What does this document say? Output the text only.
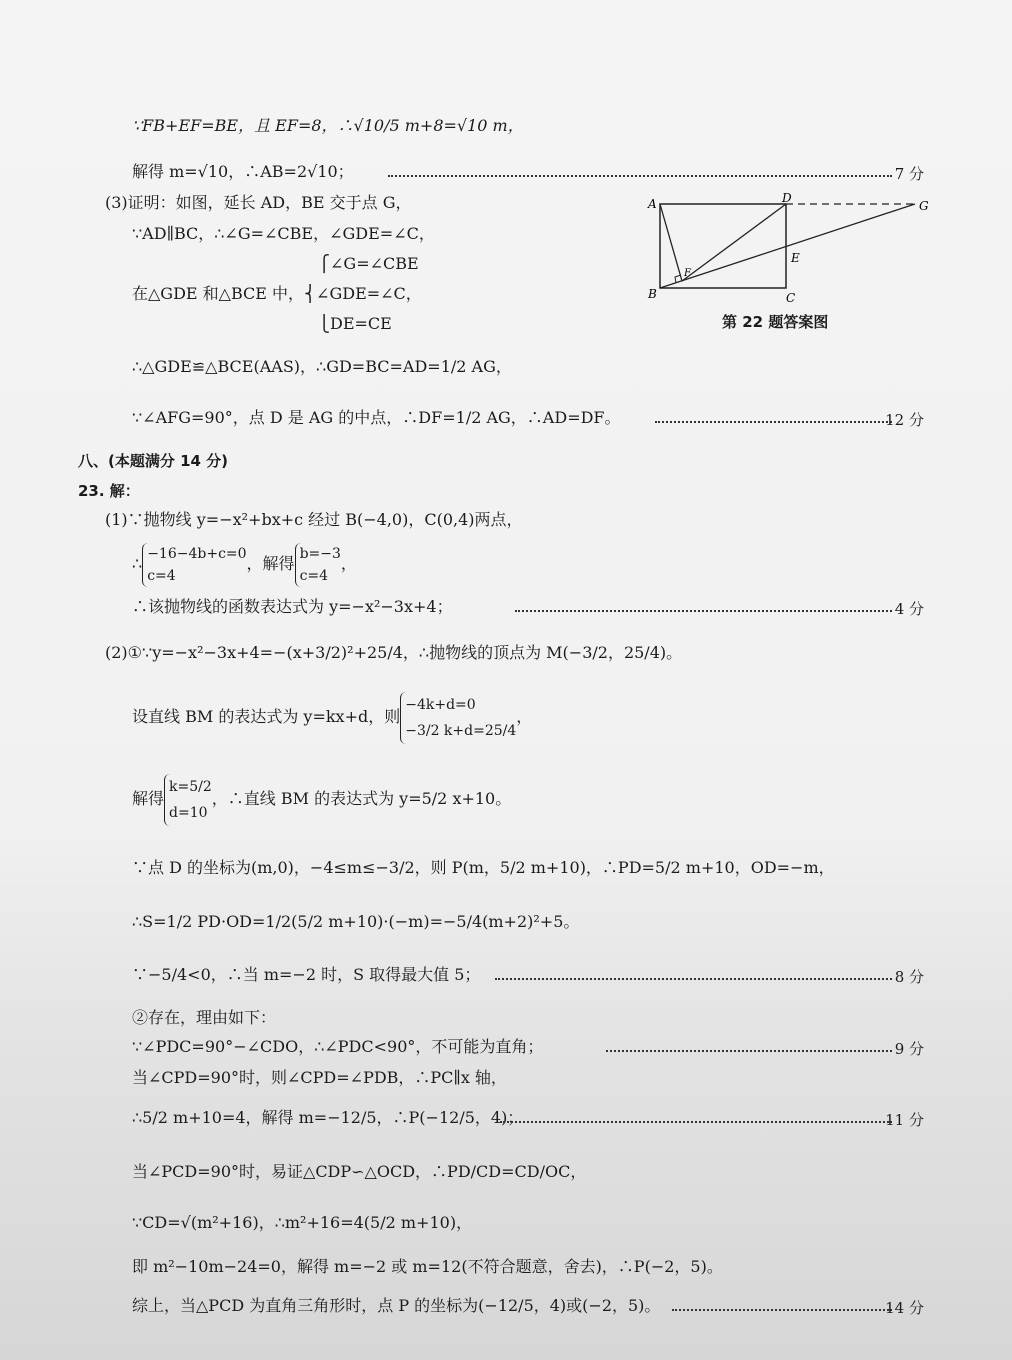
∵FB+EF=BE，且 EF=8，∴√10/5 m+8=√10 m，
解得 m=√10，∴AB=2√10；	7 分
(3)证明：如图，延长 AD，BE 交于点 G，
∵AD∥BC，∴∠G=∠CBE，∠GDE=∠C，
⎧∠G=∠CBE
在△GDE 和△BCE 中，⎨∠GDE=∠C，
⎩DE=CE
∴△GDE≌△BCE(AAS)，∴GD=BC=AD=1/2 AG，
∵∠AFG=90°，点 D 是 AG 的中点，∴DF=1/2 AG，∴AD=DF。	12 分
A	D
G
E
F
B	C
第 22 题答案图
八、(本题满分 14 分)
23. 解：
(1)∵抛物线 y=−x²+bx+c 经过 B(−4,0)，C(0,4)两点，
∴
−16−4b+c=0
c=4
，解得
b=−3
c=4
，
∴该抛物线的函数表达式为 y=−x²−3x+4；	4 分
(2)①∵y=−x²−3x+4=−(x+3/2)²+25/4，∴抛物线的顶点为 M(−3/2，25/4)。
设直线 BM 的表达式为 y=kx+d，则
−4k+d=0
−3/2 k+d=25/4
，
解得
k=5/2
d=10
，∴直线 BM 的表达式为 y=5/2 x+10。
∵点 D 的坐标为(m,0)，−4≤m≤−3/2，则 P(m，5/2 m+10)，∴PD=5/2 m+10，OD=−m，
∴S=1/2 PD·OD=1/2(5/2 m+10)·(−m)=−5/4(m+2)²+5。
∵−5/4<0，∴当 m=−2 时，S 取得最大值 5；	8 分
②存在，理由如下：
∵∠PDC=90°−∠CDO，∴∠PDC<90°，不可能为直角；	9 分
当∠CPD=90°时，则∠CPD=∠PDB，∴PC∥x 轴，
∴5/2 m+10=4，解得 m=−12/5，∴P(−12/5，4)；	11 分
当∠PCD=90°时，易证△CDP∽△OCD，∴PD/CD=CD/OC，
∵CD=√(m²+16)，∴m²+16=4(5/2 m+10)，
即 m²−10m−24=0，解得 m=−2 或 m=12(不符合题意，舍去)，∴P(−2，5)。
综上，当△PCD 为直角三角形时，点 P 的坐标为(−12/5，4)或(−2，5)。	14 分
